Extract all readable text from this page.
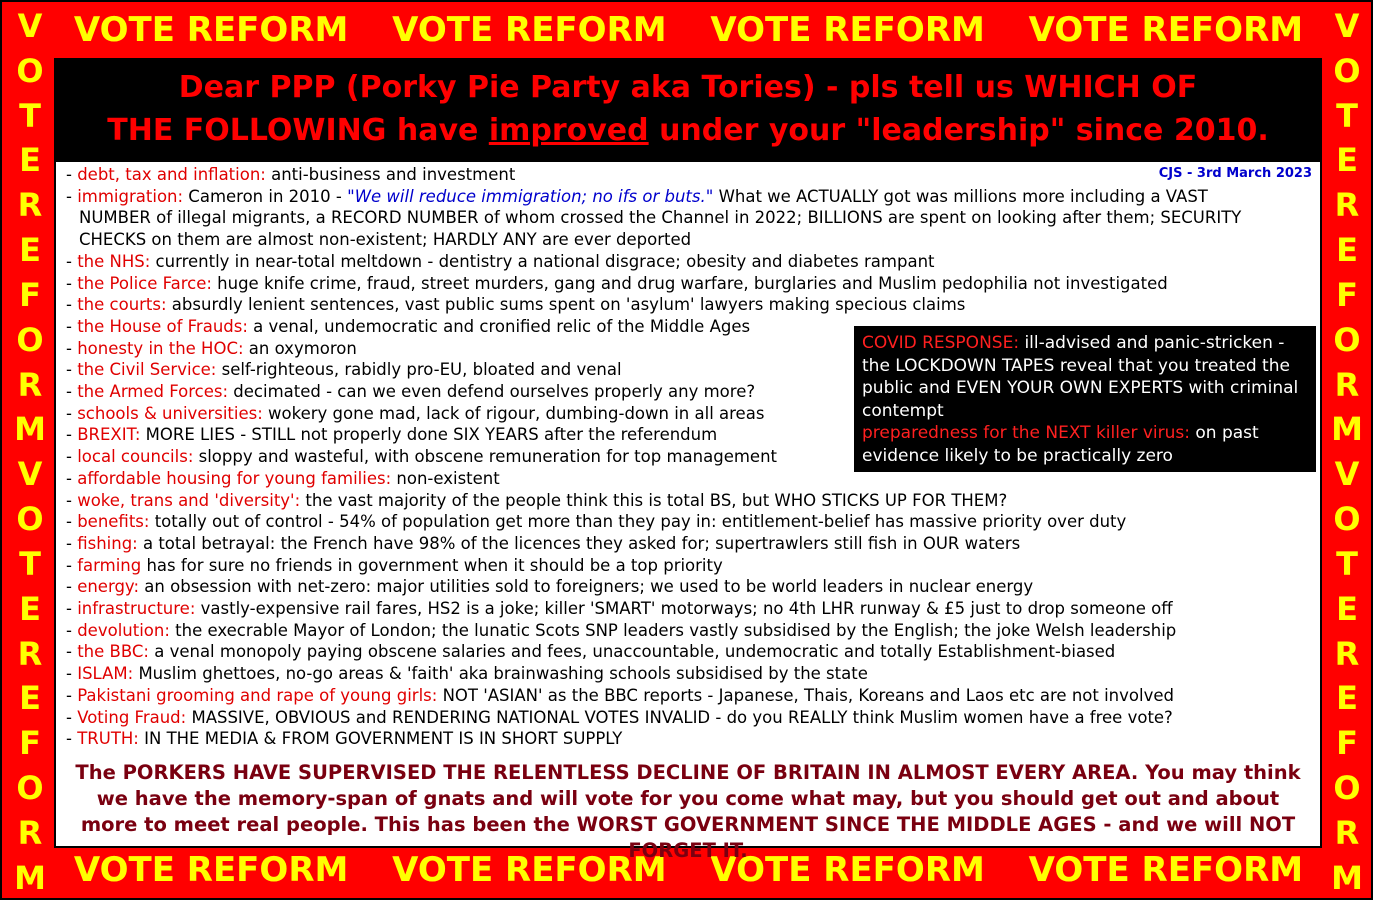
VOTE REFORM VOTE REFORM VOTE REFORM VOTE REFORM
VOTE REFORM VOTE REFORM VOTE REFORM VOTE REFORM
V
O
T
E
R
E
F
O
R
M
V
O
T
E
R
E
F
O
R
M
V
O
T
E
R
E
F
O
R
M
V
O
T
E
R
E
F
O
R
M
Dear PPP (Porky Pie Party aka Tories) - pls tell us WHICH OF
THE FOLLOWING have improved under your "leadership" since 2010.
CJS - 3rd March 2023
- debt, tax and inflation: anti-business and investment
- immigration: Cameron in 2010 - "We will reduce immigration; no ifs or buts." What we ACTUALLY got was millions more including a VAST NUMBER of illegal migrants, a RECORD NUMBER of whom crossed the Channel in 2022; BILLIONS are spent on looking after them; SECURITY CHECKS on them are almost non-existent; HARDLY ANY are ever deported
- the NHS: currently in near-total meltdown - dentistry a national disgrace; obesity and diabetes rampant
- the Police Farce: huge knife crime, fraud, street murders, gang and drug warfare, burglaries and Muslim pedophilia not investigated
- the courts: absurdly lenient sentences, vast public sums spent on 'asylum' lawyers making specious claims
- the House of Frauds: a venal, undemocratic and cronified relic of the Middle Ages
- honesty in the HOC: an oxymoron
- the Civil Service: self-righteous, rabidly pro-EU, bloated and venal
- the Armed Forces: decimated - can we even defend ourselves properly any more?
- schools & universities: wokery gone mad, lack of rigour, dumbing-down in all areas
- BREXIT: MORE LIES - STILL not properly done SIX YEARS after the referendum
- local councils: sloppy and wasteful, with obscene remuneration for top management
- affordable housing for young families: non-existent
- woke, trans and 'diversity': the vast majority of the people think this is total BS, but WHO STICKS UP FOR THEM?
- benefits: totally out of control - 54% of population get more than they pay in: entitlement-belief has massive priority over duty
- fishing: a total betrayal: the French have 98% of the licences they asked for; supertrawlers still fish in OUR waters
- farming has for sure no friends in government when it should be a top priority
- energy: an obsession with net-zero: major utilities sold to foreigners; we used to be world leaders in nuclear energy
- infrastructure: vastly-expensive rail fares, HS2 is a joke; killer 'SMART' motorways; no 4th LHR runway & £5 just to drop someone off
- devolution: the execrable Mayor of London; the lunatic Scots SNP leaders vastly subsidised by the English; the joke Welsh leadership
- the BBC: a venal monopoly paying obscene salaries and fees, unaccountable, undemocratic and totally Establishment-biased
- ISLAM: Muslim ghettoes, no-go areas & 'faith' aka brainwashing schools subsidised by the state
- Pakistani grooming and rape of young girls: NOT 'ASIAN' as the BBC reports - Japanese, Thais, Koreans and Laos etc are not involved
- Voting Fraud: MASSIVE, OBVIOUS and RENDERING NATIONAL VOTES INVALID - do you REALLY think Muslim women have a free vote?
- TRUTH: IN THE MEDIA & FROM GOVERNMENT IS IN SHORT SUPPLY
COVID RESPONSE: ill-advised and panic-stricken - the LOCKDOWN TAPES reveal that you treated the public and EVEN YOUR OWN EXPERTS with criminal contempt
preparedness for the NEXT killer virus: on past evidence likely to be practically zero
The PORKERS HAVE SUPERVISED THE RELENTLESS DECLINE OF BRITAIN IN ALMOST EVERY AREA. You may think we have the memory-span of gnats and will vote for you come what may, but you should get out and about more to meet real people. This has been the WORST GOVERNMENT SINCE THE MIDDLE AGES - and we will NOT FORGET IT.
